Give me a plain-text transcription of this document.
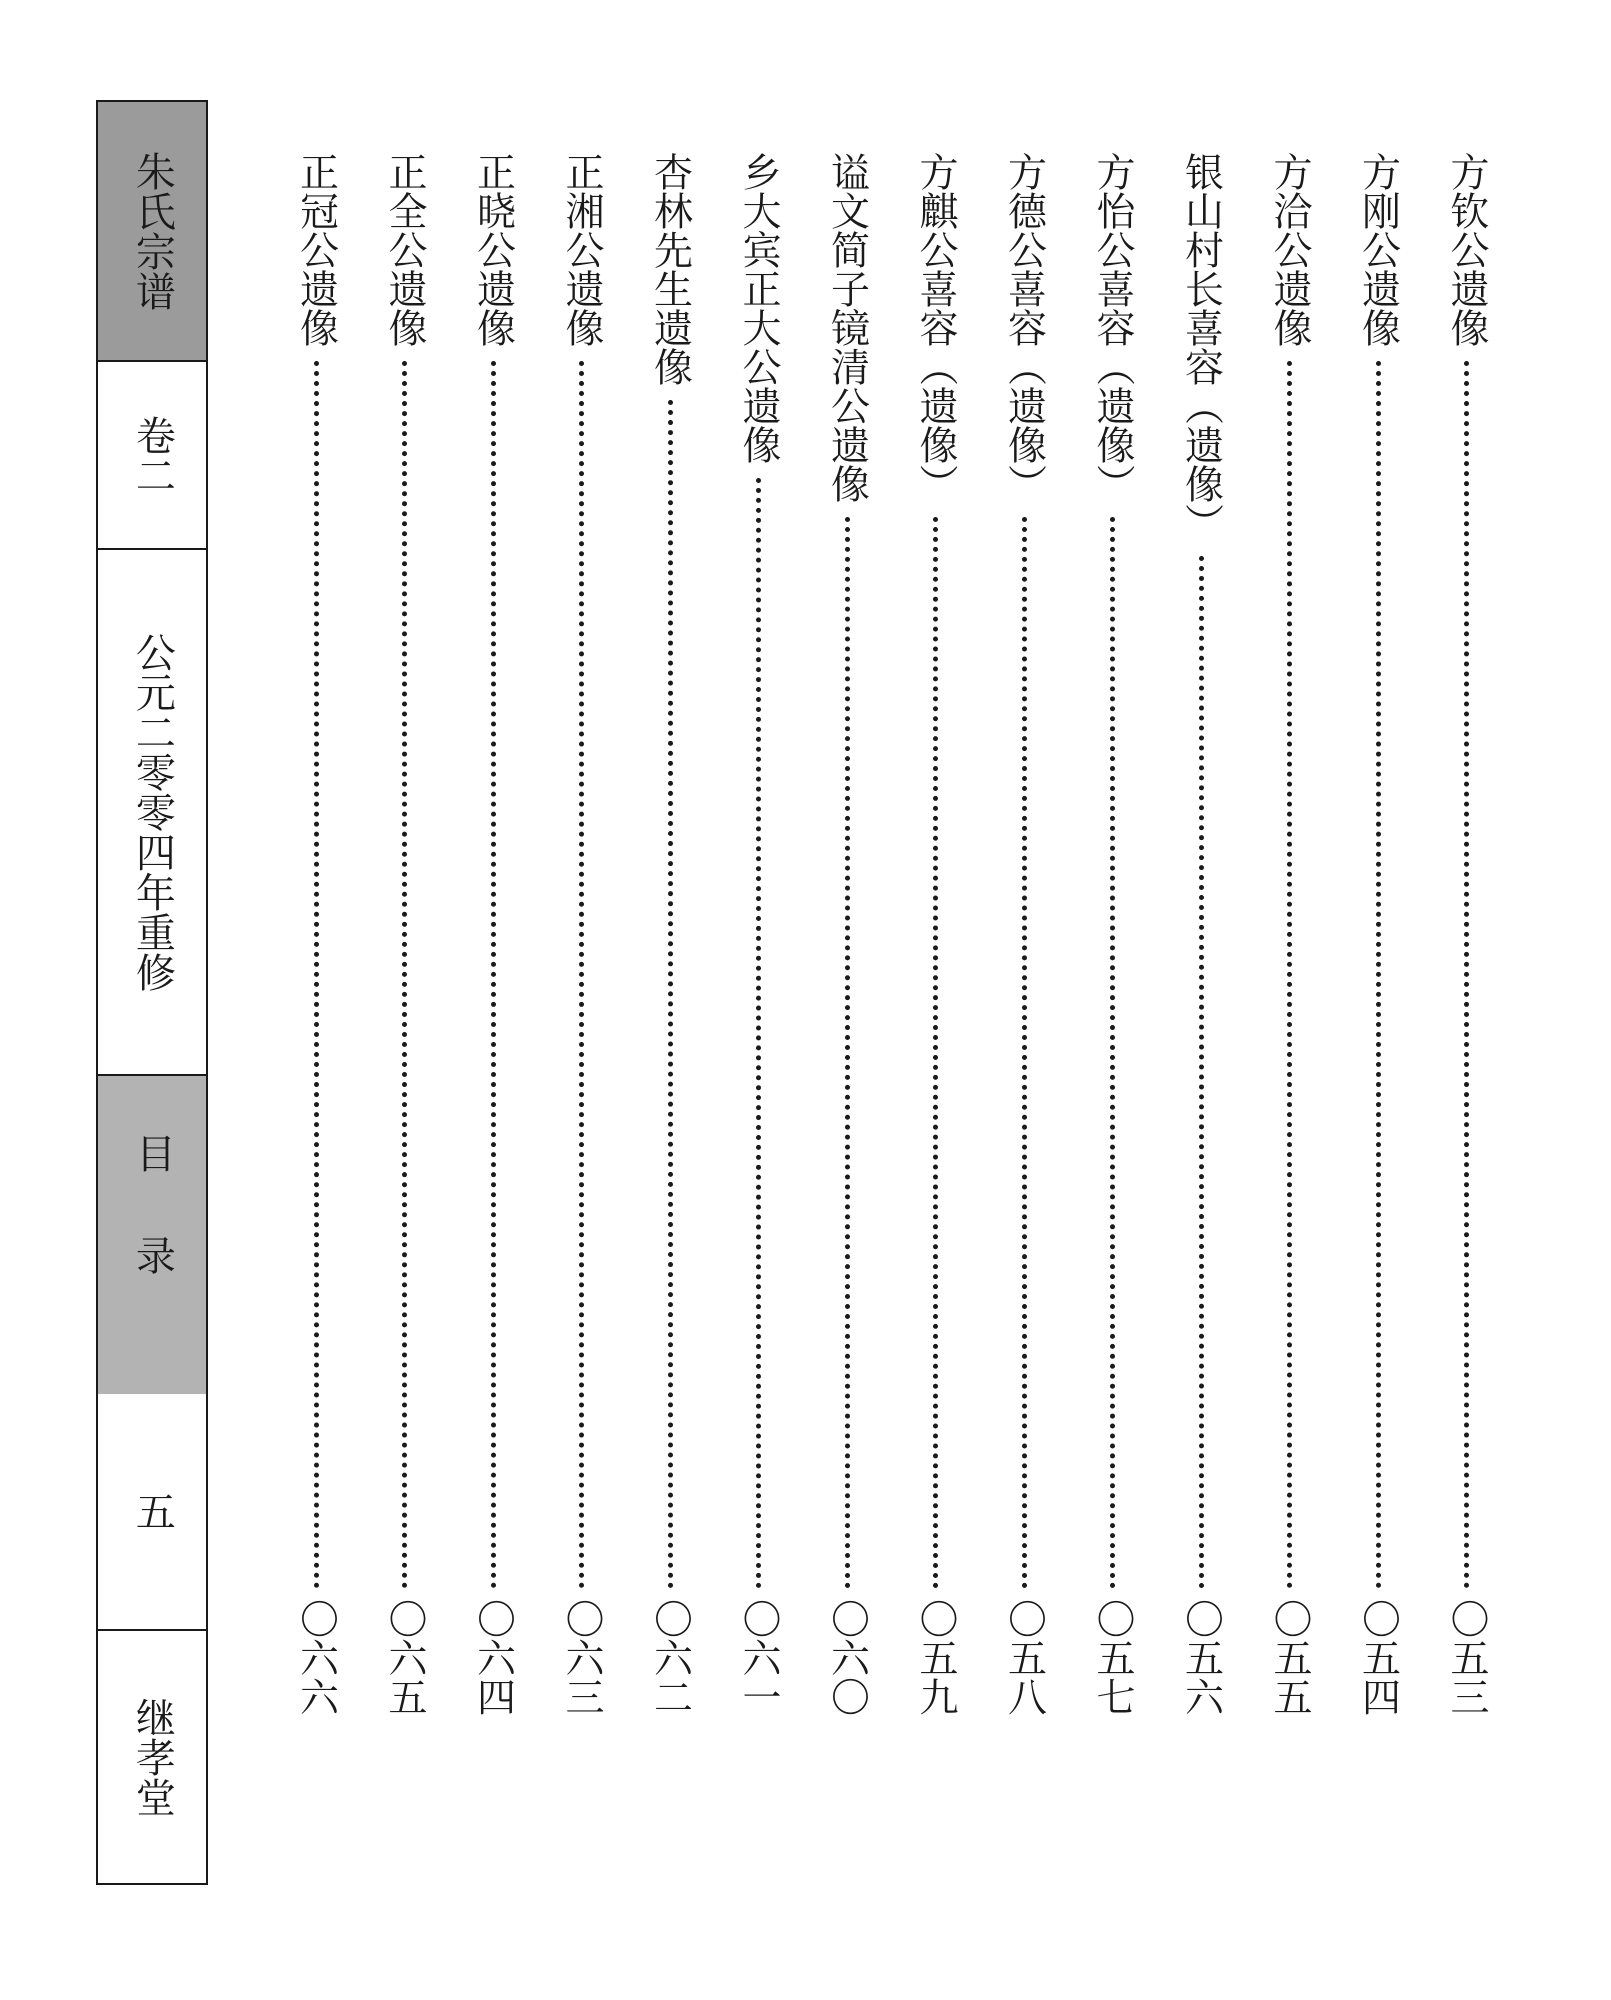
朱氏宗谱
卷二
公元二零零四年重修
目录
五
继孝堂
方钦公遗像
〇五三
方刚公遗像
〇五四
方洽公遗像
〇五五
银山村长喜容（遗像）
〇五六
方怡公喜容（遗像）
〇五七
方德公喜容（遗像）
〇五八
方麒公喜容（遗像）
〇五九
谥文简子镜清公遗像
〇六〇
乡大宾正大公遗像
〇六一
杏林先生遗像
〇六二
正湘公遗像
〇六三
正晓公遗像
〇六四
正全公遗像
〇六五
正冠公遗像
〇六六
